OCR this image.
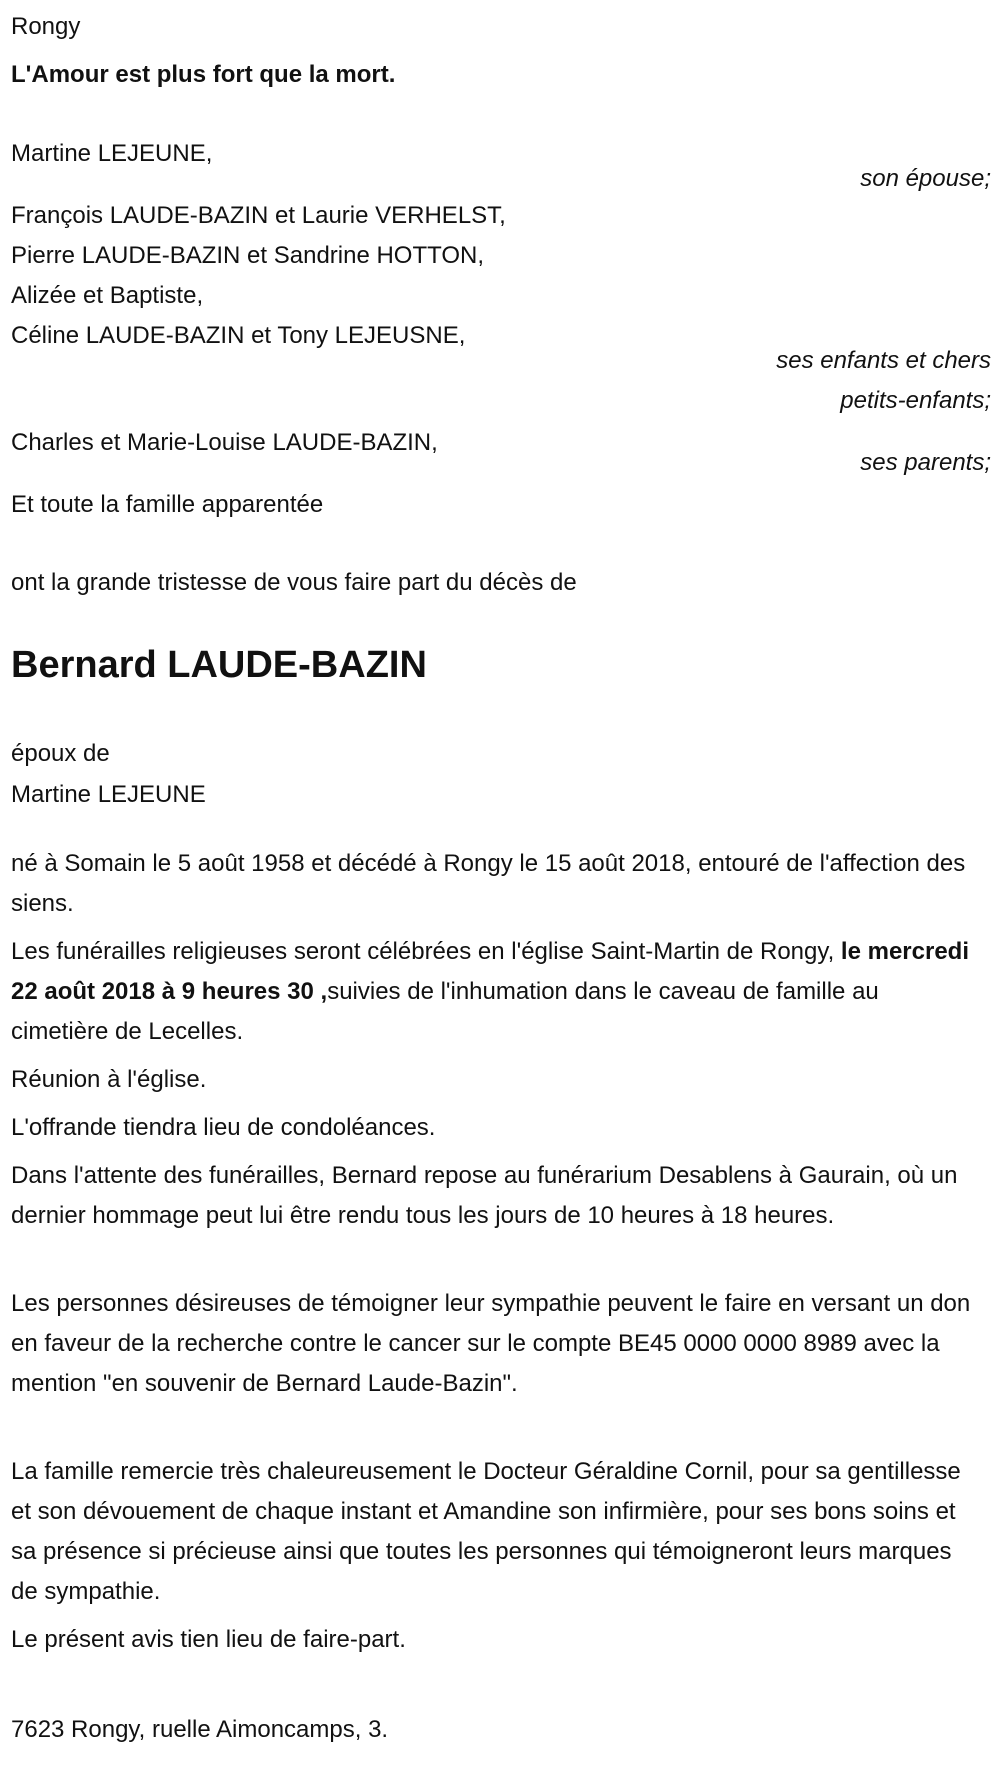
Rongy
L'Amour est plus fort que la mort.
Martine LEJEUNE,
son épouse;
François LAUDE-BAZIN et Laurie VERHELST,
Pierre LAUDE-BAZIN et Sandrine HOTTON,
Alizée et Baptiste,
Céline LAUDE-BAZIN et Tony LEJEUSNE,
ses enfants et chers
petits-enfants;
Charles et Marie-Louise LAUDE-BAZIN,
ses parents;
Et toute la famille apparentée
ont la grande tristesse de vous faire part du décès de
Bernard LAUDE-BAZIN
époux de
Martine LEJEUNE
né à Somain le 5 août 1958 et décédé à Rongy le 15 août 2018, entouré de l'affection des siens.
Les funérailles religieuses seront célébrées en l'église Saint-Martin de Rongy, le mercredi 22 août 2018 à 9 heures 30 ,suivies de l'inhumation dans le caveau de famille au cimetière de Lecelles.
Réunion à l'église.
L'offrande tiendra lieu de condoléances.
Dans l'attente des funérailles, Bernard repose au funérarium Desablens à Gaurain, où un dernier hommage peut lui être rendu tous les jours de 10 heures à 18 heures.
Les personnes désireuses de témoigner leur sympathie peuvent le faire en versant un don en faveur de la recherche contre le cancer sur le compte BE45 0000 0000 8989 avec la mention "en souvenir de Bernard Laude-Bazin".
La famille remercie très chaleureusement le Docteur Géraldine Cornil, pour sa gentillesse et son dévouement de chaque instant et Amandine son infirmière, pour ses bons soins et sa présence si précieuse ainsi que toutes les personnes qui témoigneront leurs marques de sympathie.
Le présent avis tien lieu de faire-part.
7623 Rongy, ruelle Aimoncamps, 3.
